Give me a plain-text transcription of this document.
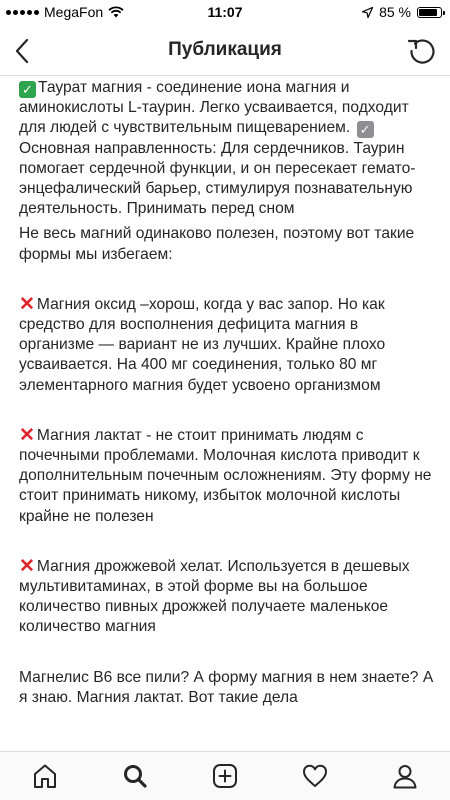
MegaFon	11:07	85 %
Публикация

✓ Таурат магния - соединение иона магния и аминокислоты L-таурин. Легко усваивается, подходит для людей с чувствительным пищеварением. ✓Основная направленность: Для сердечников. Таурин помогает сердечной функции, и он пересекает гемато-энцефалический барьер, стимулируя познавательную деятельность. Принимать перед сном

Не весь магний одинаково полезен, поэтому вот такие формы мы избегаем:

✕ Магния оксид –хорош, когда у вас запор. Но как средство для восполнения дефицита магния в организме — вариант не из лучших. Крайне плохо усваивается. На 400 мг соединения, только 80 мг элементарного магния будет усвоено организмом

✕ Магния лактат - не стоит принимать людям с почечными проблемами. Молочная кислота приводит к дополнительным почечным осложнениям. Эту форму не стоит принимать никому, избыток молочной кислоты крайне не полезен

✕ Магния дрожжевой хелат. Используется в дешевых мультивитаминах, в этой форме вы на большое количество пивных дрожжей получаете маленькое количество магния

Магнелис В6 все пили? А форму магния в нем знаете? А я знаю. Магния лактат. Вот такие дела
